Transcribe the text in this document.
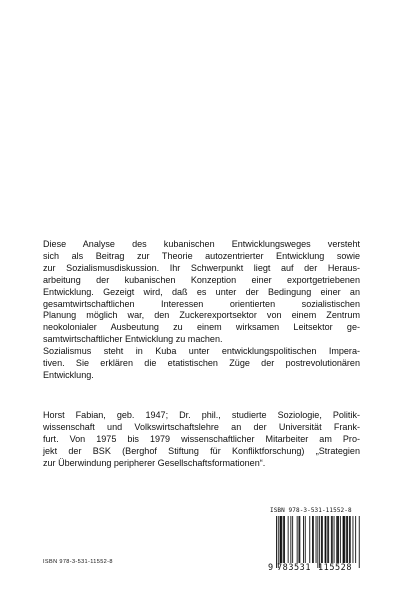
Diese Analyse des kubanischen Entwicklungsweges versteht
sich als Beitrag zur Theorie autozentrierter Entwicklung sowie
zur Sozialismusdiskussion. Ihr Schwerpunkt liegt auf der Heraus-
arbeitung der kubanischen Konzeption einer exportgetriebenen
Entwicklung. Gezeigt wird, daß es unter der Bedingung einer an
gesamtwirtschaftlichen Interessen orientierten sozialistischen
Planung möglich war, den Zuckerexportsektor von einem Zentrum
neokolonialer Ausbeutung zu einem wirksamen Leitsektor ge-
samtwirtschaftlicher Entwicklung zu machen.
Sozialismus steht in Kuba unter entwicklungspolitischen Impera-
tiven. Sie erklären die etatistischen Züge der postrevolutionären
Entwicklung.
Horst Fabian, geb. 1947; Dr. phil., studierte Soziologie, Politik-
wissenschaft und Volkswirtschaftslehre an der Universität Frank-
furt. Von 1975 bis 1979 wissenschaftlicher Mitarbeiter am Pro-
jekt der BSK (Berghof Stiftung für Konfliktforschung) „Strategien
zur Überwindung peripherer Gesellschaftsformationen“.
ISBN 978-3-531-11552-8
ISBN 978-3-531-11552-8
9 783531 115528
